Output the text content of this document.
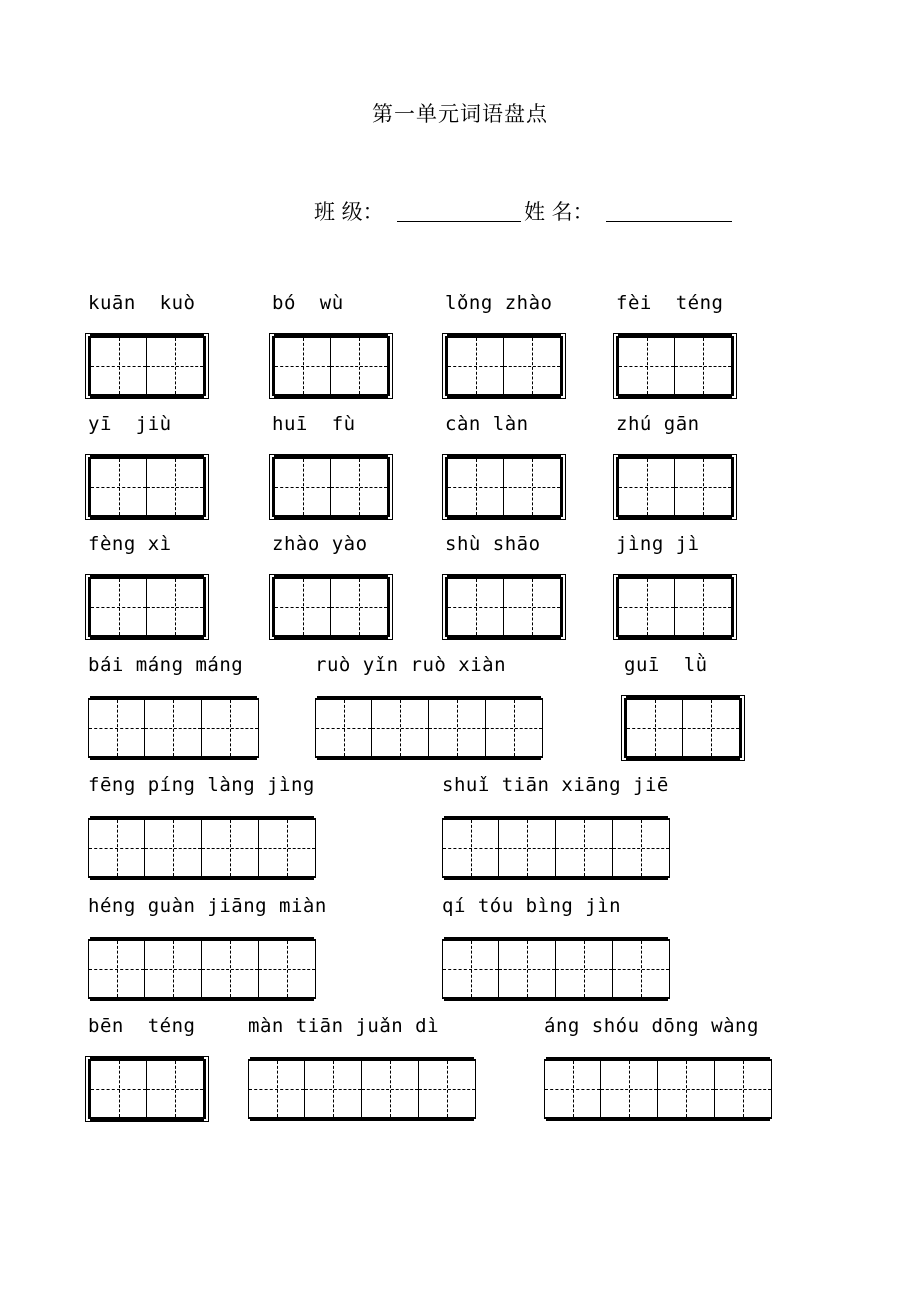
第一单元词语盘点
班 级：	姓 名：
kuān  kuò	bó  wù	lǒng zhào	fèi  téng
yī  jiù	huī  fù	càn làn	zhú gān
fèng xì	zhào yào	shù shāo	jìng jì
bái máng máng	ruò yǐn ruò xiàn	guī  lǜ
fēng píng làng jìng	shuǐ tiān xiāng jiē
héng guàn jiāng miàn	qí tóu bìng jìn
bēn  téng	màn tiān juǎn dì	áng shóu dōng wàng
